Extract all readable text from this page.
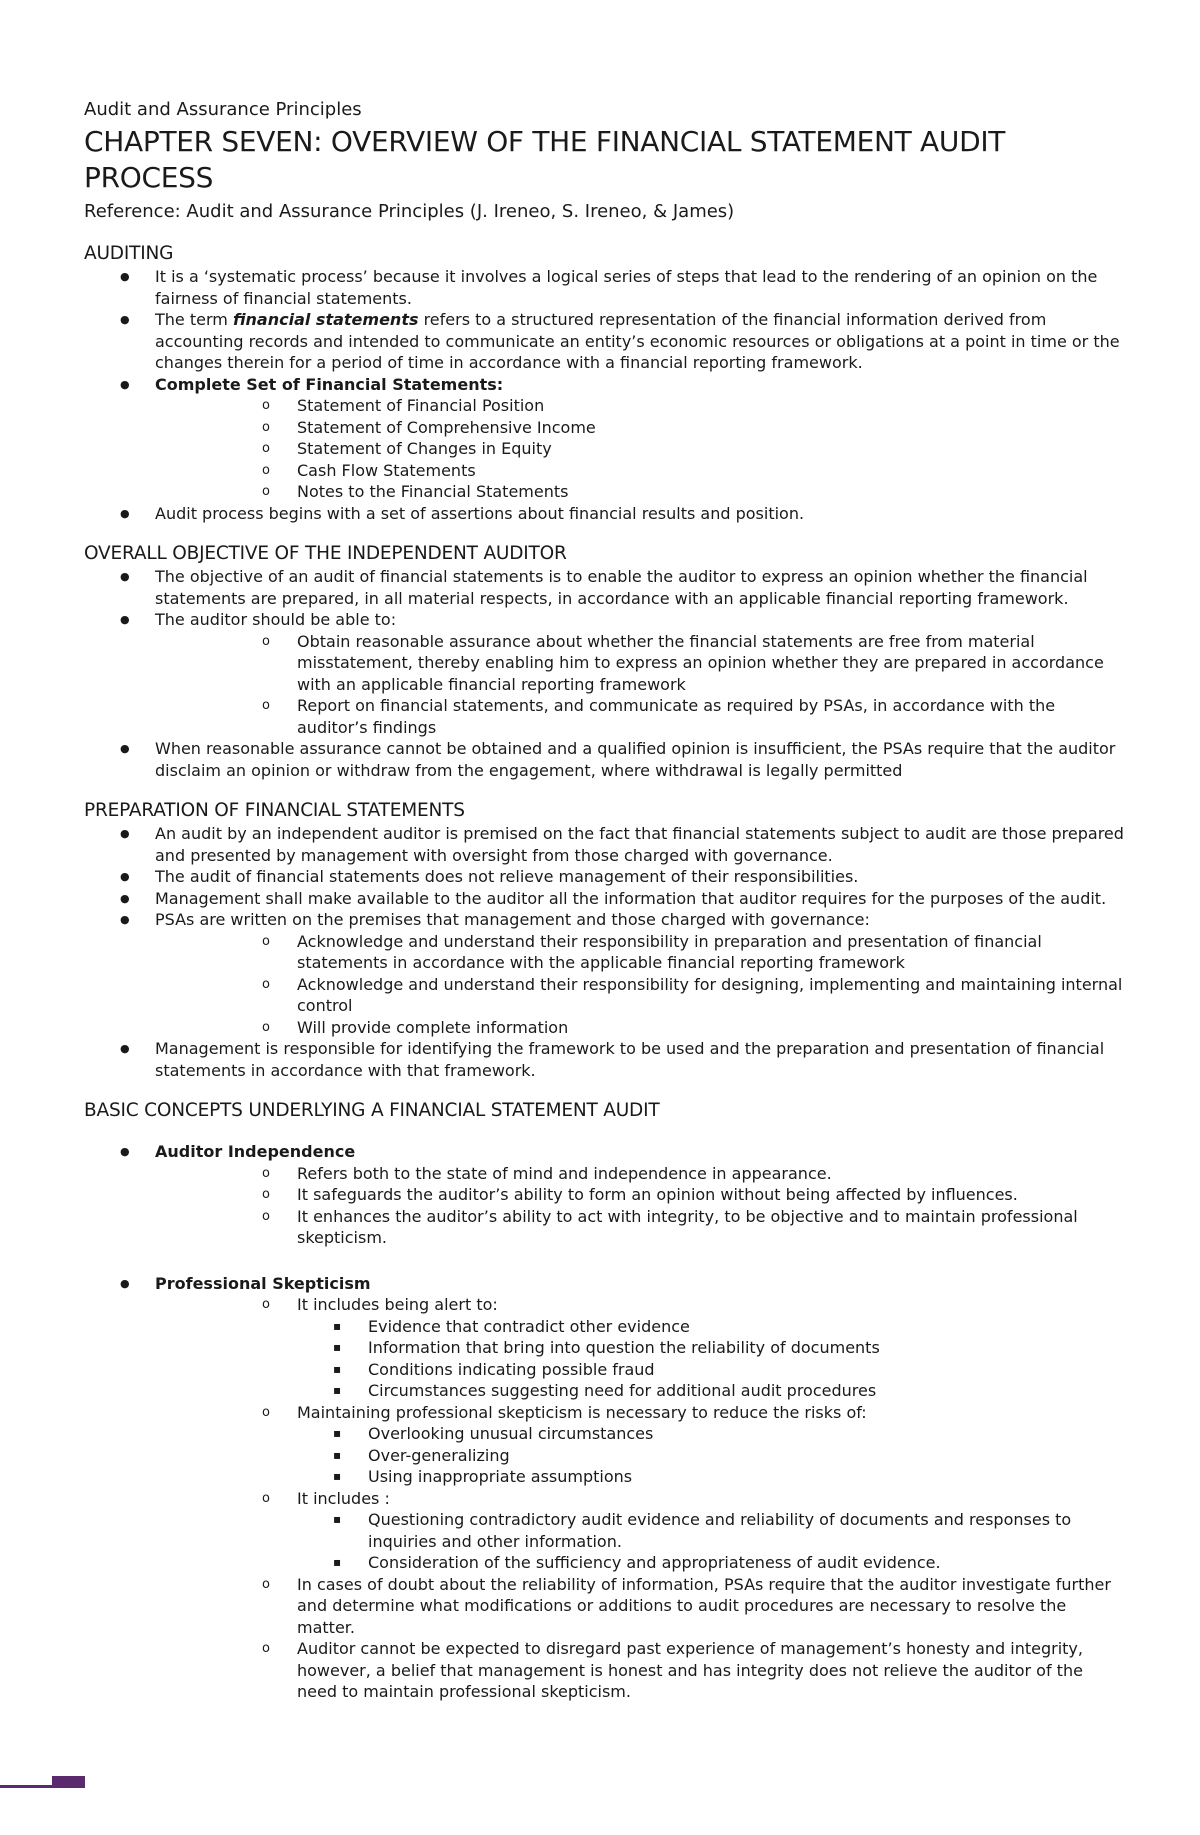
Audit and Assurance Principles

CHAPTER SEVEN: OVERVIEW OF THE FINANCIAL STATEMENT AUDIT PROCESS

Reference: Audit and Assurance Principles (J. Ireneo, S. Ireneo, & James)

AUDITING
● It is a ‘systematic process’ because it involves a logical series of steps that lead to the rendering of an opinion on the fairness of financial statements.
● The term financial statements refers to a structured representation of the financial information derived from accounting records and intended to communicate an entity’s economic resources or obligations at a point in time or the changes therein for a period of time in accordance with a financial reporting framework.
● Complete Set of Financial Statements:
o Statement of Financial Position
o Statement of Comprehensive Income
o Statement of Changes in Equity
o Cash Flow Statements
o Notes to the Financial Statements
● Audit process begins with a set of assertions about financial results and position.
OVERALL OBJECTIVE OF THE INDEPENDENT AUDITOR
● The objective of an audit of financial statements is to enable the auditor to express an opinion whether the financial statements are prepared, in all material respects, in accordance with an applicable financial reporting framework.
● The auditor should be able to:
o Obtain reasonable assurance about whether the financial statements are free from material misstatement, thereby enabling him to express an opinion whether they are prepared in accordance with an applicable financial reporting framework
o Report on financial statements, and communicate as required by PSAs, in accordance with the auditor’s findings
● When reasonable assurance cannot be obtained and a qualified opinion is insufficient, the PSAs require that the auditor disclaim an opinion or withdraw from the engagement, where withdrawal is legally permitted
PREPARATION OF FINANCIAL STATEMENTS
● An audit by an independent auditor is premised on the fact that financial statements subject to audit are those prepared and presented by management with oversight from those charged with governance.
● The audit of financial statements does not relieve management of their responsibilities.
● Management shall make available to the auditor all the information that auditor requires for the purposes of the audit.
● PSAs are written on the premises that management and those charged with governance:
o Acknowledge and understand their responsibility in preparation and presentation of financial statements in accordance with the applicable financial reporting framework
o Acknowledge and understand their responsibility for designing, implementing and maintaining internal control
o Will provide complete information
● Management is responsible for identifying the framework to be used and the preparation and presentation of financial statements in accordance with that framework.
BASIC CONCEPTS UNDERLYING A FINANCIAL STATEMENT AUDIT
● Auditor Independence
o Refers both to the state of mind and independence in appearance.
o It safeguards the auditor’s ability to form an opinion without being affected by influences.
o It enhances the auditor’s ability to act with integrity, to be objective and to maintain professional skepticism.
● Professional Skepticism
o It includes being alert to:
▪ Evidence that contradict other evidence
▪ Information that bring into question the reliability of documents
▪ Conditions indicating possible fraud
▪ Circumstances suggesting need for additional audit procedures
o Maintaining professional skepticism is necessary to reduce the risks of:
▪ Overlooking unusual circumstances
▪ Over-generalizing
▪ Using inappropriate assumptions
o It includes :
▪ Questioning contradictory audit evidence and reliability of documents and responses to inquiries and other information.
▪ Consideration of the sufficiency and appropriateness of audit evidence.
o In cases of doubt about the reliability of information, PSAs require that the auditor investigate further and determine what modifications or additions to audit procedures are necessary to resolve the matter.
o Auditor cannot be expected to disregard past experience of management’s honesty and integrity, however, a belief that management is honest and has integrity does not relieve the auditor of the need to maintain professional skepticism.
